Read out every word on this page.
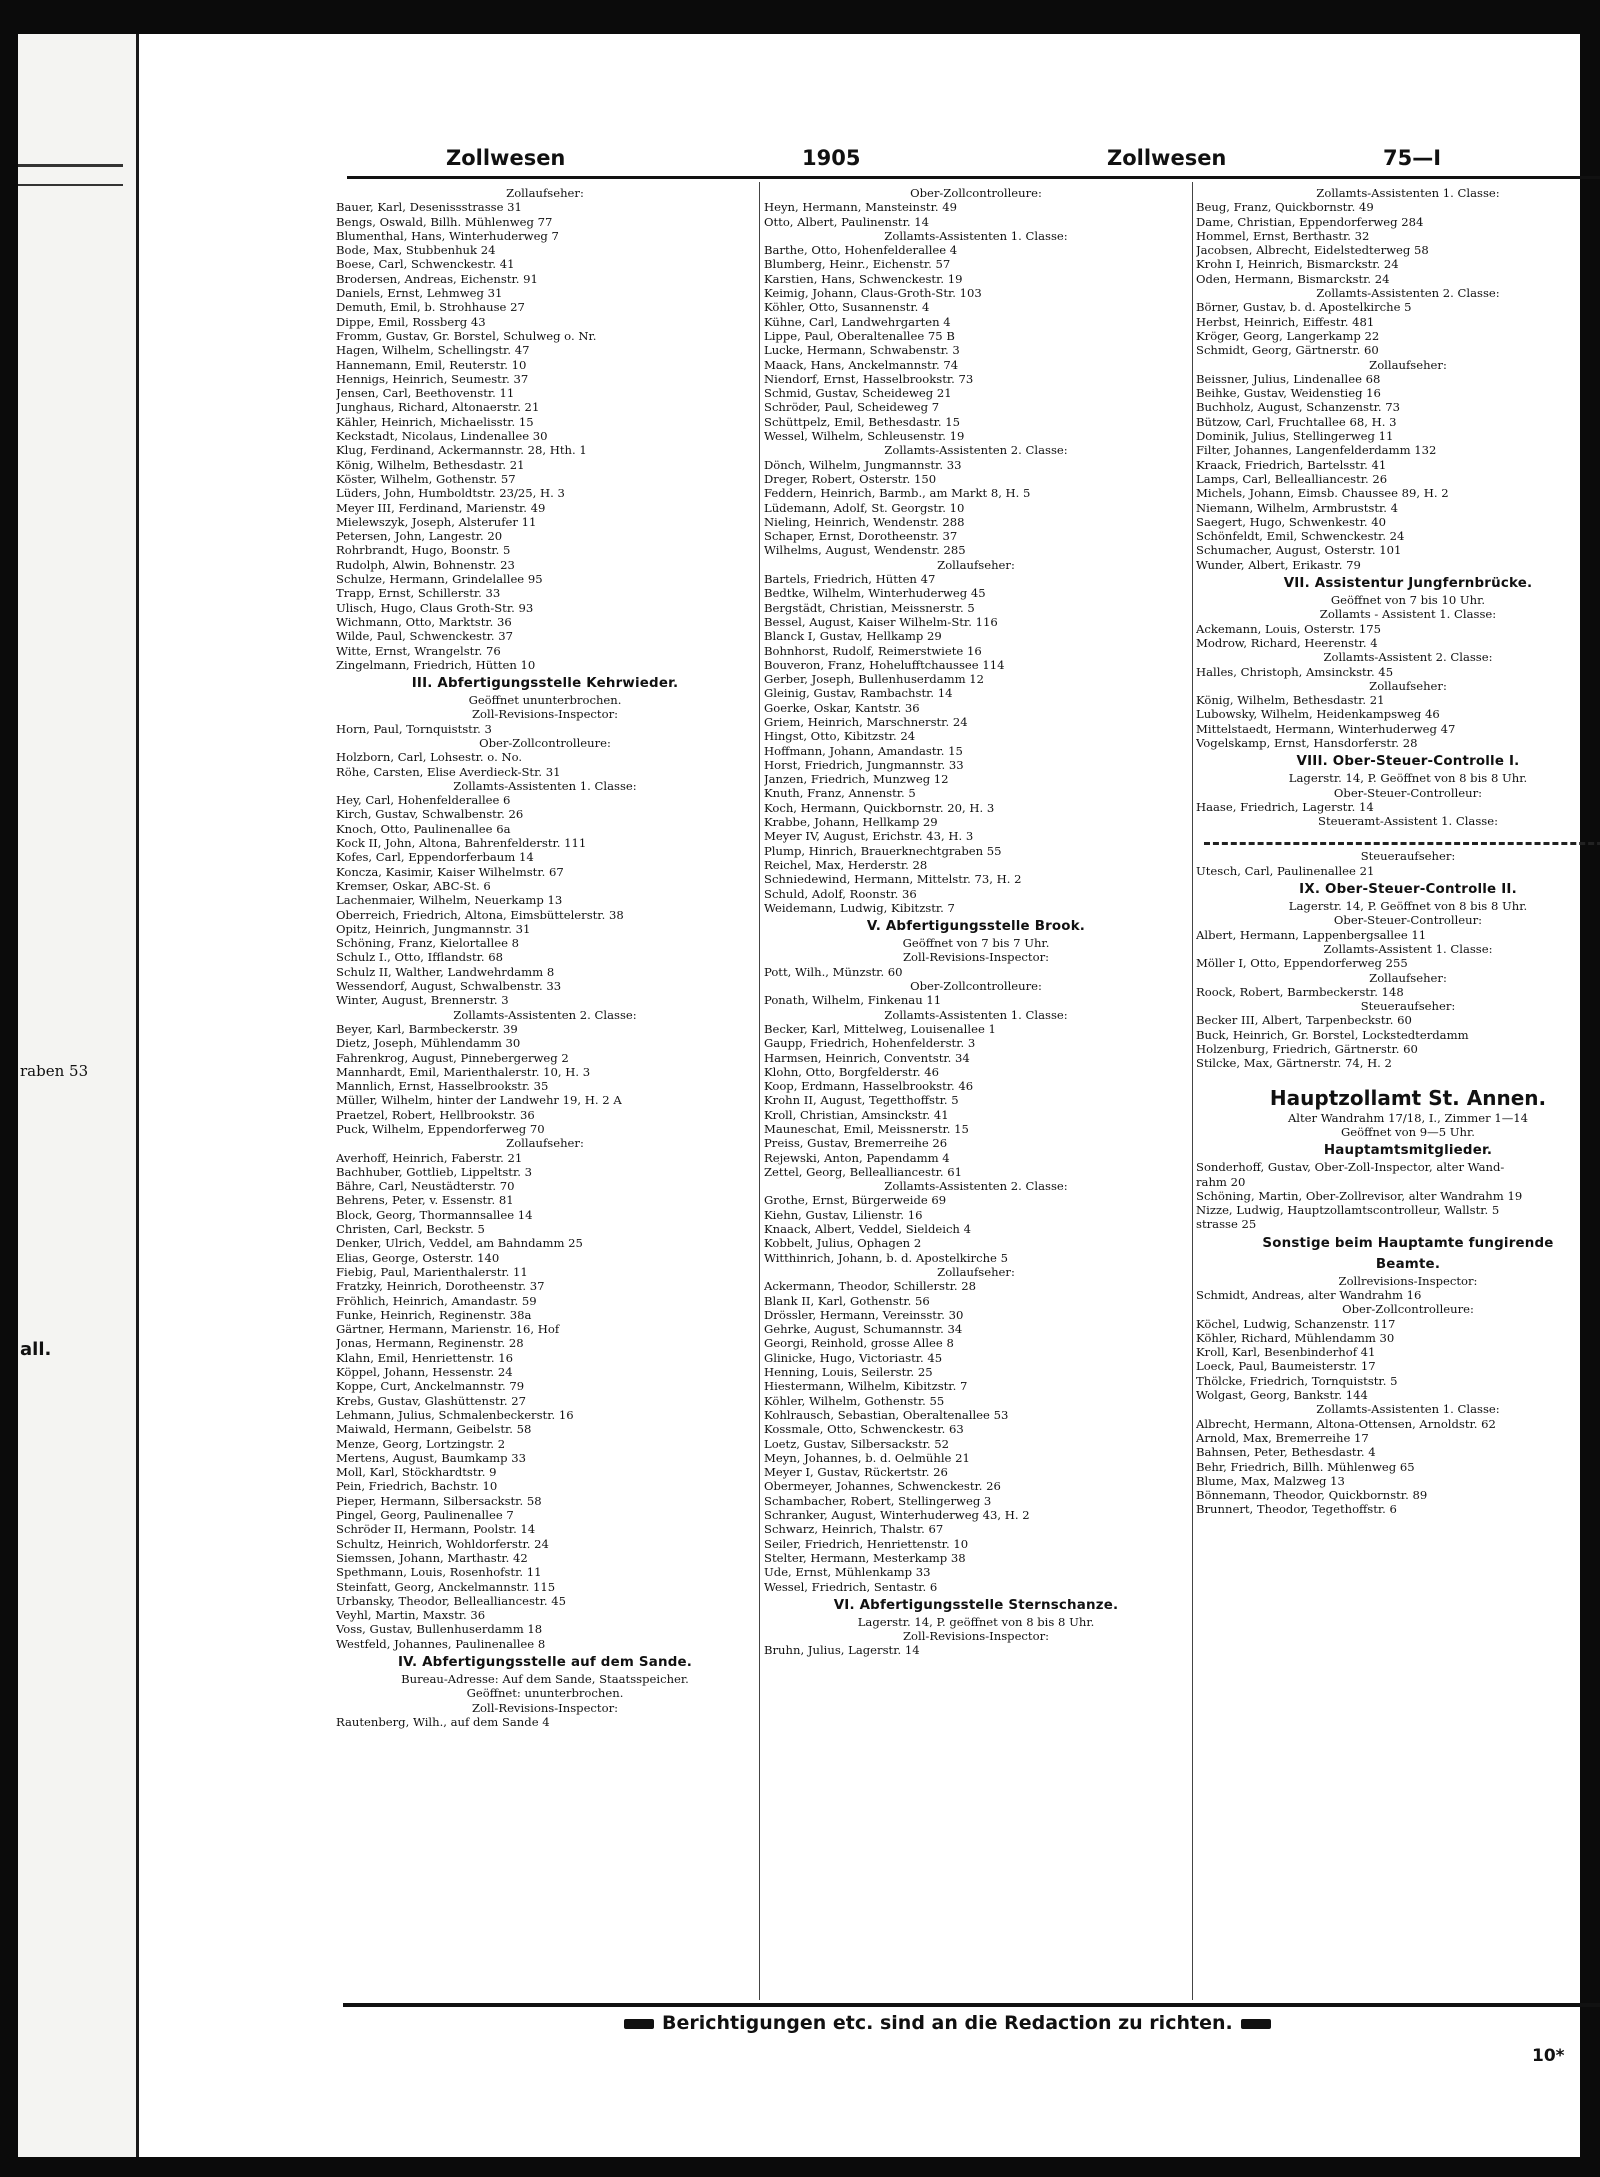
raben 53
all.
Zollwesen	1905	Zollwesen	75—I
Zollaufseher:
Bauer, Karl, Desenissstrasse 31
Bengs, Oswald, Billh. Mühlenweg 77
Blumenthal, Hans, Winterhuderweg 7
Bode, Max, Stubbenhuk 24
Boese, Carl, Schwenckestr. 41
Brodersen, Andreas, Eichenstr. 91
Daniels, Ernst, Lehmweg 31
Demuth, Emil, b. Strohhause 27
Dippe, Emil, Rossberg 43
Fromm, Gustav, Gr. Borstel, Schulweg o. Nr.
Hagen, Wilhelm, Schellingstr. 47
Hannemann, Emil, Reuterstr. 10
Hennigs, Heinrich, Seumestr. 37
Jensen, Carl, Beethovenstr. 11
Junghaus, Richard, Altonaerstr. 21
Kähler, Heinrich, Michaelisstr. 15
Keckstadt, Nicolaus, Lindenallee 30
Klug, Ferdinand, Ackermannstr. 28, Hth. 1
König, Wilhelm, Bethesdastr. 21
Köster, Wilhelm, Gothenstr. 57
Lüders, John, Humboldtstr. 23/25, H. 3
Meyer III, Ferdinand, Marienstr. 49
Mielewszyk, Joseph, Alsterufer 11
Petersen, John, Langestr. 20
Rohrbrandt, Hugo, Boonstr. 5
Rudolph, Alwin, Bohnenstr. 23
Schulze, Hermann, Grindelallee 95
Trapp, Ernst, Schillerstr. 33
Ulisch, Hugo, Claus Groth-Str. 93
Wichmann, Otto, Marktstr. 36
Wilde, Paul, Schwenckestr. 37
Witte, Ernst, Wrangelstr. 76
Zingelmann, Friedrich, Hütten 10
III. Abfertigungsstelle Kehrwieder.
Geöffnet ununterbrochen.
Zoll-Revisions-Inspector:
Horn, Paul, Tornquiststr. 3
Ober-Zollcontrolleure:
Holzborn, Carl, Lohsestr. o. No.
Röhe, Carsten, Elise Averdieck-Str. 31
Zollamts-Assistenten 1. Classe:
Hey, Carl, Hohenfelderallee 6
Kirch, Gustav, Schwalbenstr. 26
Knoch, Otto, Paulinenallee 6a
Kock II, John, Altona, Bahrenfelderstr. 111
Kofes, Carl, Eppendorferbaum 14
Koncza, Kasimir, Kaiser Wilhelmstr. 67
Kremser, Oskar, ABC-St. 6
Lachenmaier, Wilhelm, Neuerkamp 13
Oberreich, Friedrich, Altona, Eimsbüttelerstr. 38
Opitz, Heinrich, Jungmannstr. 31
Schöning, Franz, Kielortallee 8
Schulz I., Otto, Ifflandstr. 68
Schulz II, Walther, Landwehrdamm 8
Wessendorf, August, Schwalbenstr. 33
Winter, August, Brennerstr. 3
Zollamts-Assistenten 2. Classe:
Beyer, Karl, Barmbeckerstr. 39
Dietz, Joseph, Mühlendamm 30
Fahrenkrog, August, Pinnebergerweg 2
Mannhardt, Emil, Marienthalerstr. 10, H. 3
Mannlich, Ernst, Hasselbrookstr. 35
Müller, Wilhelm, hinter der Landwehr 19, H. 2 A
Praetzel, Robert, Hellbrookstr. 36
Puck, Wilhelm, Eppendorferweg 70
Zollaufseher:
Averhoff, Heinrich, Faberstr. 21
Bachhuber, Gottlieb, Lippeltstr. 3
Bähre, Carl, Neustädterstr. 70
Behrens, Peter, v. Essenstr. 81
Block, Georg, Thormannsallee 14
Christen, Carl, Beckstr. 5
Denker, Ulrich, Veddel, am Bahndamm 25
Elias, George, Osterstr. 140
Fiebig, Paul, Marienthalerstr. 11
Fratzky, Heinrich, Dorotheenstr. 37
Fröhlich, Heinrich, Amandastr. 59
Funke, Heinrich, Reginenstr. 38a
Gärtner, Hermann, Marienstr. 16, Hof
Jonas, Hermann, Reginenstr. 28
Klahn, Emil, Henriettenstr. 16
Köppel, Johann, Hessenstr. 24
Koppe, Curt, Anckelmannstr. 79
Krebs, Gustav, Glashüttenstr. 27
Lehmann, Julius, Schmalenbeckerstr. 16
Maiwald, Hermann, Geibelstr. 58
Menze, Georg, Lortzingstr. 2
Mertens, August, Baumkamp 33
Moll, Karl, Stöckhardtstr. 9
Pein, Friedrich, Bachstr. 10
Pieper, Hermann, Silbersackstr. 58
Pingel, Georg, Paulinenallee 7
Schröder II, Hermann, Poolstr. 14
Schultz, Heinrich, Wohldorferstr. 24
Siemssen, Johann, Marthastr. 42
Spethmann, Louis, Rosenhofstr. 11
Steinfatt, Georg, Anckelmannstr. 115
Urbansky, Theodor, Bellealliancestr. 45
Veyhl, Martin, Maxstr. 36
Voss, Gustav, Bullenhuserdamm 18
Westfeld, Johannes, Paulinenallee 8
IV. Abfertigungsstelle auf dem Sande.
Bureau-Adresse: Auf dem Sande, Staatsspeicher.
Geöffnet: ununterbrochen.
Zoll-Revisions-Inspector:
Rautenberg, Wilh., auf dem Sande 4
Ober-Zollcontrolleure:
Heyn, Hermann, Mansteinstr. 49
Otto, Albert, Paulinenstr. 14
Zollamts-Assistenten 1. Classe:
Barthe, Otto, Hohenfelderallee 4
Blumberg, Heinr., Eichenstr. 57
Karstien, Hans, Schwenckestr. 19
Keimig, Johann, Claus-Groth-Str. 103
Köhler, Otto, Susannenstr. 4
Kühne, Carl, Landwehrgarten 4
Lippe, Paul, Oberaltenallee 75 B
Lucke, Hermann, Schwabenstr. 3
Maack, Hans, Anckelmannstr. 74
Niendorf, Ernst, Hasselbrookstr. 73
Schmid, Gustav, Scheideweg 21
Schröder, Paul, Scheideweg 7
Schüttpelz, Emil, Bethesdastr. 15
Wessel, Wilhelm, Schleusenstr. 19
Zollamts-Assistenten 2. Classe:
Dönch, Wilhelm, Jungmannstr. 33
Dreger, Robert, Osterstr. 150
Feddern, Heinrich, Barmb., am Markt 8, H. 5
Lüdemann, Adolf, St. Georgstr. 10
Nieling, Heinrich, Wendenstr. 288
Schaper, Ernst, Dorotheenstr. 37
Wilhelms, August, Wendenstr. 285
Zollaufseher:
Bartels, Friedrich, Hütten 47
Bedtke, Wilhelm, Winterhuderweg 45
Bergstädt, Christian, Meissnerstr. 5
Bessel, August, Kaiser Wilhelm-Str. 116
Blanck I, Gustav, Hellkamp 29
Bohnhorst, Rudolf, Reimerstwiete 16
Bouveron, Franz, Hohelufftchaussee 114
Gerber, Joseph, Bullenhuserdamm 12
Gleinig, Gustav, Rambachstr. 14
Goerke, Oskar, Kantstr. 36
Griem, Heinrich, Marschnerstr. 24
Hingst, Otto, Kibitzstr. 24
Hoffmann, Johann, Amandastr. 15
Horst, Friedrich, Jungmannstr. 33
Janzen, Friedrich, Munzweg 12
Knuth, Franz, Annenstr. 5
Koch, Hermann, Quickbornstr. 20, H. 3
Krabbe, Johann, Hellkamp 29
Meyer IV, August, Erichstr. 43, H. 3
Plump, Hinrich, Brauerknechtgraben 55
Reichel, Max, Herderstr. 28
Schniedewind, Hermann, Mittelstr. 73, H. 2
Schuld, Adolf, Roonstr. 36
Weidemann, Ludwig, Kibitzstr. 7
V. Abfertigungsstelle Brook.
Geöffnet von 7 bis 7 Uhr.
Zoll-Revisions-Inspector:
Pott, Wilh., Münzstr. 60
Ober-Zollcontrolleure:
Ponath, Wilhelm, Finkenau 11
Zollamts-Assistenten 1. Classe:
Becker, Karl, Mittelweg, Louisenallee 1
Gaupp, Friedrich, Hohenfelderstr. 3
Harmsen, Heinrich, Conventstr. 34
Klohn, Otto, Borgfelderstr. 46
Koop, Erdmann, Hasselbrookstr. 46
Krohn II, August, Tegetthoffstr. 5
Kroll, Christian, Amsinckstr. 41
Mauneschat, Emil, Meissnerstr. 15
Preiss, Gustav, Bremerreihe 26
Rejewski, Anton, Papendamm 4
Zettel, Georg, Bellealliancestr. 61
Zollamts-Assistenten 2. Classe:
Grothe, Ernst, Bürgerweide 69
Kiehn, Gustav, Lilienstr. 16
Knaack, Albert, Veddel, Sieldeich 4
Kobbelt, Julius, Ophagen 2
Witthinrich, Johann, b. d. Apostelkirche 5
Zollaufseher:
Ackermann, Theodor, Schillerstr. 28
Blank II, Karl, Gothenstr. 56
Drössler, Hermann, Vereinsstr. 30
Gehrke, August, Schumannstr. 34
Georgi, Reinhold, grosse Allee 8
Glinicke, Hugo, Victoriastr. 45
Henning, Louis, Seilerstr. 25
Hiestermann, Wilhelm, Kibitzstr. 7
Köhler, Wilhelm, Gothenstr. 55
Kohlrausch, Sebastian, Oberaltenallee 53
Kossmale, Otto, Schwenckestr. 63
Loetz, Gustav, Silbersackstr. 52
Meyn, Johannes, b. d. Oelmühle 21
Meyer I, Gustav, Rückertstr. 26
Obermeyer, Johannes, Schwenckestr. 26
Schambacher, Robert, Stellingerweg 3
Schranker, August, Winterhuderweg 43, H. 2
Schwarz, Heinrich, Thalstr. 67
Seiler, Friedrich, Henriettenstr. 10
Stelter, Hermann, Mesterkamp 38
Ude, Ernst, Mühlenkamp 33
Wessel, Friedrich, Sentastr. 6
VI. Abfertigungsstelle Sternschanze.
Lagerstr. 14, P. geöffnet von 8 bis 8 Uhr.
Zoll-Revisions-Inspector:
Bruhn, Julius, Lagerstr. 14
Zollamts-Assistenten 1. Classe:
Beug, Franz, Quickbornstr. 49
Dame, Christian, Eppendorferweg 284
Hommel, Ernst, Berthastr. 32
Jacobsen, Albrecht, Eidelstedterweg 58
Krohn I, Heinrich, Bismarckstr. 24
Oden, Hermann, Bismarckstr. 24
Zollamts-Assistenten 2. Classe:
Börner, Gustav, b. d. Apostelkirche 5
Herbst, Heinrich, Eiffestr. 481
Kröger, Georg, Langerkamp 22
Schmidt, Georg, Gärtnerstr. 60
Zollaufseher:
Beissner, Julius, Lindenallee 68
Beihke, Gustav, Weidenstieg 16
Buchholz, August, Schanzenstr. 73
Bützow, Carl, Fruchtallee 68, H. 3
Dominik, Julius, Stellingerweg 11
Filter, Johannes, Langenfelderdamm 132
Kraack, Friedrich, Bartelsstr. 41
Lamps, Carl, Bellealliancestr. 26
Michels, Johann, Eimsb. Chaussee 89, H. 2
Niemann, Wilhelm, Armbruststr. 4
Saegert, Hugo, Schwenkestr. 40
Schönfeldt, Emil, Schwenckestr. 24
Schumacher, August, Osterstr. 101
Wunder, Albert, Erikastr. 79
VII. Assistentur Jungfernbrücke.
Geöffnet von 7 bis 10 Uhr.
Zollamts - Assistent 1. Classe:
Ackemann, Louis, Osterstr. 175
Modrow, Richard, Heerenstr. 4
Zollamts-Assistent 2. Classe:
Halles, Christoph, Amsinckstr. 45
Zollaufseher:
König, Wilhelm, Bethesdastr. 21
Lubowsky, Wilhelm, Heidenkampsweg 46
Mittelstaedt, Hermann, Winterhuderweg 47
Vogelskamp, Ernst, Hansdorferstr. 28
VIII. Ober-Steuer-Controlle I.
Lagerstr. 14, P. Geöffnet von 8 bis 8 Uhr.
Ober-Steuer-Controlleur:
Haase, Friedrich, Lagerstr. 14
Steueramt-Assistent 1. Classe:
Steueraufseher:
Utesch, Carl, Paulinenallee 21
IX. Ober-Steuer-Controlle II.
Lagerstr. 14, P. Geöffnet von 8 bis 8 Uhr.
Ober-Steuer-Controlleur:
Albert, Hermann, Lappenbergsallee 11
Zollamts-Assistent 1. Classe:
Möller I, Otto, Eppendorferweg 255
Zollaufseher:
Roock, Robert, Barmbeckerstr. 148
Steueraufseher:
Becker III, Albert, Tarpenbeckstr. 60
Buck, Heinrich, Gr. Borstel, Lockstedterdamm
Holzenburg, Friedrich, Gärtnerstr. 60
Stilcke, Max, Gärtnerstr. 74, H. 2
Hauptzollamt St. Annen.
Alter Wandrahm 17/18, I., Zimmer 1—14
Geöffnet von 9—5 Uhr.
Hauptamtsmitglieder.
Sonderhoff, Gustav, Ober-Zoll-Inspector, alter Wand-
rahm 20
Schöning, Martin, Ober-Zollrevisor, alter Wandrahm 19
Nizze, Ludwig, Hauptzollamtscontrolleur, Wallstr. 5
strasse 25
Sonstige beim Hauptamte fungirende
Beamte.
Zollrevisions-Inspector:
Schmidt, Andreas, alter Wandrahm 16
Ober-Zollcontrolleure:
Köchel, Ludwig, Schanzenstr. 117
Köhler, Richard, Mühlendamm 30
Kroll, Karl, Besenbinderhof 41
Loeck, Paul, Baumeisterstr. 17
Thölcke, Friedrich, Tornquiststr. 5
Wolgast, Georg, Bankstr. 144
Zollamts-Assistenten 1. Classe:
Albrecht, Hermann, Altona-Ottensen, Arnoldstr. 62
Arnold, Max, Bremerreihe 17
Bahnsen, Peter, Bethesdastr. 4
Behr, Friedrich, Billh. Mühlenweg 65
Blume, Max, Malzweg 13
Bönnemann, Theodor, Quickbornstr. 89
Brunnert, Theodor, Tegethoffstr. 6
Berichtigungen etc. sind an die Redaction zu richten.
10*
